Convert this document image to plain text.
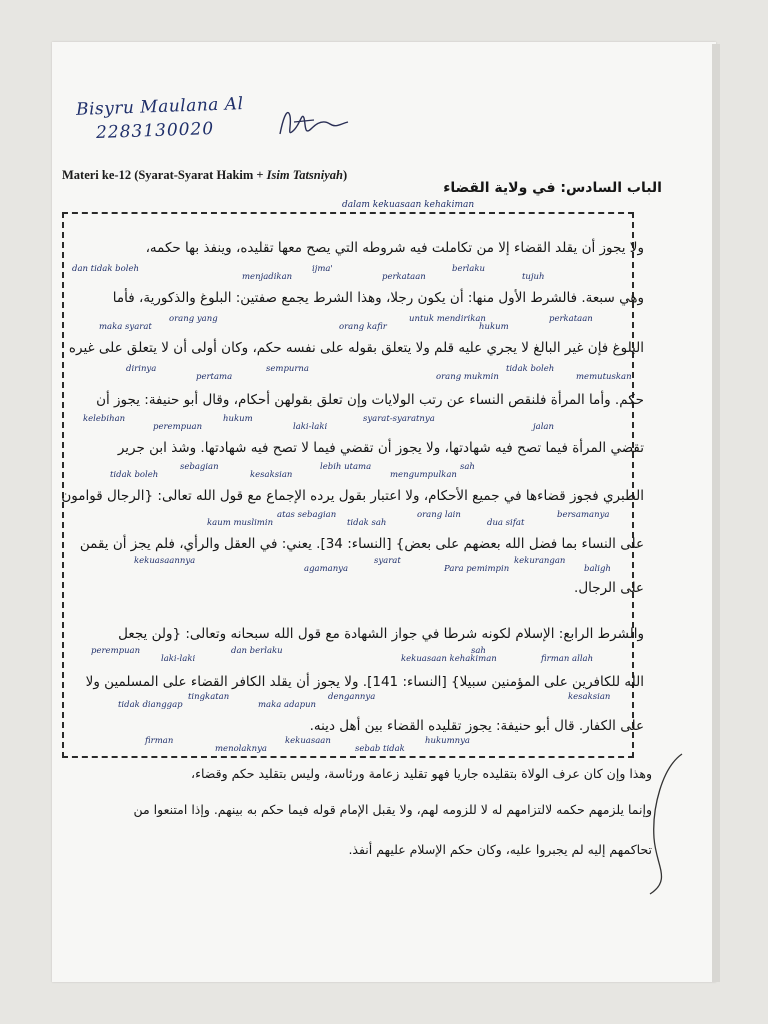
Bisyru Maulana Al
2283130020
Materi ke-12 (Syarat-Syarat Hakim + Isim Tatsniyah)
الباب السادس: في ولاية القضاء
dalam kekuasaan kehakiman
ولا يجوز أن يقلد القضاء إلا من تكاملت فيه شروطه التي يصح معها تقليده، وينفذ بها حكمه،
وهي سبعة. فالشرط الأول منها: أن يكون رجلا، وهذا الشرط يجمع صفتين: البلوغ والذكورية، فأما
البلوغ فإن غير البالغ لا يجري عليه قلم ولا يتعلق بقوله على نفسه حكم، وكان أولى أن لا يتعلق على غيره
حكم. وأما المرأة فلنقص النساء عن رتب الولايات وإن تعلق بقولهن أحكام، وقال أبو حنيفة: يجوز أن
تقضي المرأة فيما تصح فيه شهادتها، ولا يجوز أن تقضي فيما لا تصح فيه شهادتها. وشذ ابن جرير
الطبري فجوز قضاءها في جميع الأحكام، ولا اعتبار بقول يرده الإجماع مع قول الله تعالى: {الرجال قوامون
على النساء بما فضل الله بعضهم على بعض} [النساء: 34]. يعني: في العقل والرأي، فلم يجز أن يقمن
على الرجال.
والشرط الرابع: الإسلام لكونه شرطا في جواز الشهادة مع قول الله سبحانه وتعالى: {ولن يجعل
الله للكافرين على المؤمنين سبيلا} [النساء: 141]. ولا يجوز أن يقلد الكافر القضاء على المسلمين ولا
على الكفار. قال أبو حنيفة: يجوز تقليده القضاء بين أهل دينه.
dan tidak boleh
orang yang
sempurna
syarat-syaratnya
sah
bersamanya
kekuasaannya
dan berlaku
dengannya
hukumnya
tujuh
maka syarat
pertama
laki-laki
mengumpulkan
dua sifat
baligh
laki-laki
maka adapun
sebab tidak
berlaku
perkataan
dirinya
hukum
lebih utama
orang lain
kekurangan
perempuan
tingkatan
kekuasaan
perkataan
hukum
memutuskan
perempuan
kesaksian
tidak sah
Para pemimpin
firman allah
tidak dianggap
menolaknya
ijma'
untuk mendirikan
tidak boleh
kelebihan
sebagian
atas sebagian
syarat
sah
kesaksian
firman
menjadikan
orang kafir
orang mukmin
jalan
tidak boleh
kaum muslimin
agamanya
kekuasaan kehakiman
وهذا وإن كان عرف الولاة بتقليده جاريا فهو تقليد زعامة ورئاسة، وليس بتقليد حكم وقضاء،
وإنما يلزمهم حكمه لالتزامهم له لا للزومه لهم، ولا يقبل الإمام قوله فيما حكم به بينهم. وإذا امتنعوا من
تحاكمهم إليه لم يجبروا عليه، وكان حكم الإسلام عليهم أنفذ.
